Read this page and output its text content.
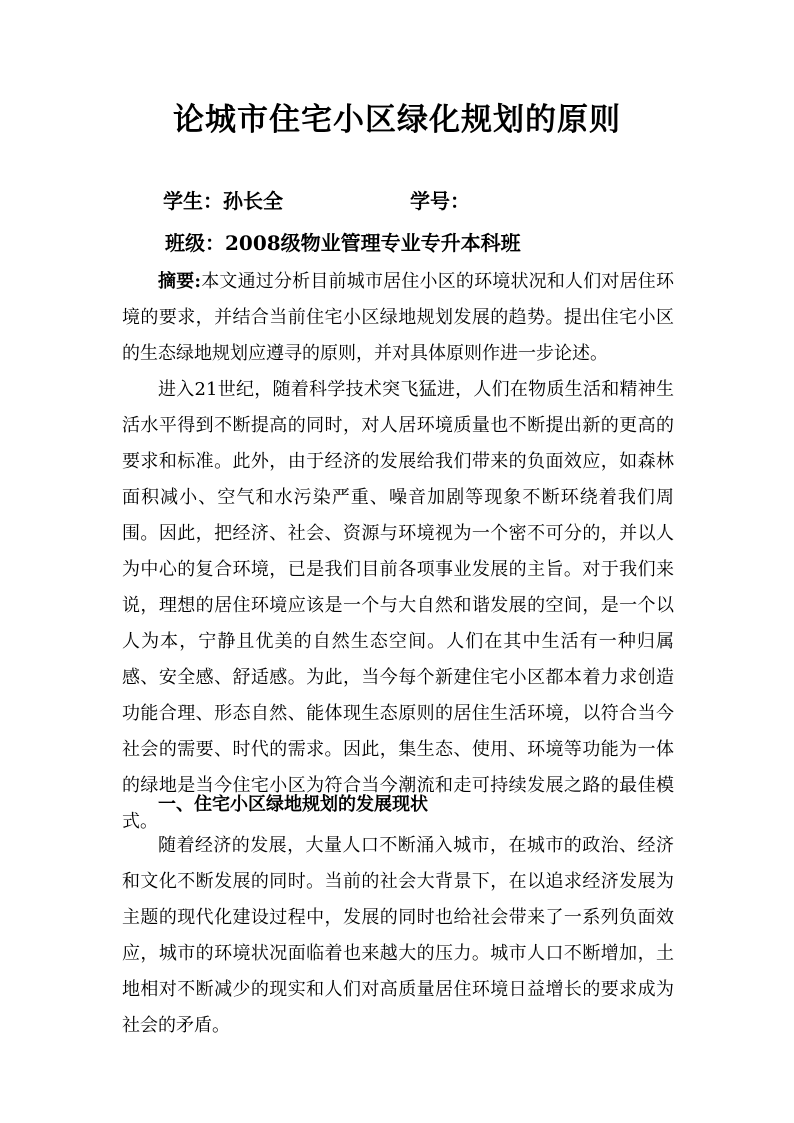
论城市住宅小区绿化规划的原则
学生：孙长全	学号：
班级：2008级物业管理专业专升本科班

摘要:本文通过分析目前城市居住小区的环境状况和人们对居住环境的要求，并结合当前住宅小区绿地规划发展的趋势。提出住宅小区的生态绿地规划应遵寻的原则，并对具体原则作进一步论述。

进入21世纪，随着科学技术突飞猛进，人们在物质生活和精神生活水平得到不断提高的同时，对人居环境质量也不断提出新的更高的要求和标准。此外，由于经济的发展给我们带来的负面效应，如森林面积减小、空气和水污染严重、噪音加剧等现象不断环绕着我们周围。因此，把经济、社会、资源与环境视为一个密不可分的，并以人为中心的复合环境，已是我们目前各项事业发展的主旨。对于我们来说，理想的居住环境应该是一个与大自然和谐发展的空间，是一个以人为本，宁静且优美的自然生态空间。人们在其中生活有一种归属感、安全感、舒适感。为此，当今每个新建住宅小区都本着力求创造功能合理、形态自然、能体现生态原则的居住生活环境，以符合当今社会的需要、时代的需求。因此，集生态、使用、环境等功能为一体的绿地是当今住宅小区为符合当今潮流和走可持续发展之路的最佳模式。

一、住宅小区绿地规划的发展现状

随着经济的发展，大量人口不断涌入城市，在城市的政治、经济和文化不断发展的同时。当前的社会大背景下，在以追求经济发展为主题的现代化建设过程中，发展的同时也给社会带来了一系列负面效应，城市的环境状况面临着也来越大的压力。城市人口不断增加，土地相对不断减少的现实和人们对高质量居住环境日益增长的要求成为社会的矛盾。
